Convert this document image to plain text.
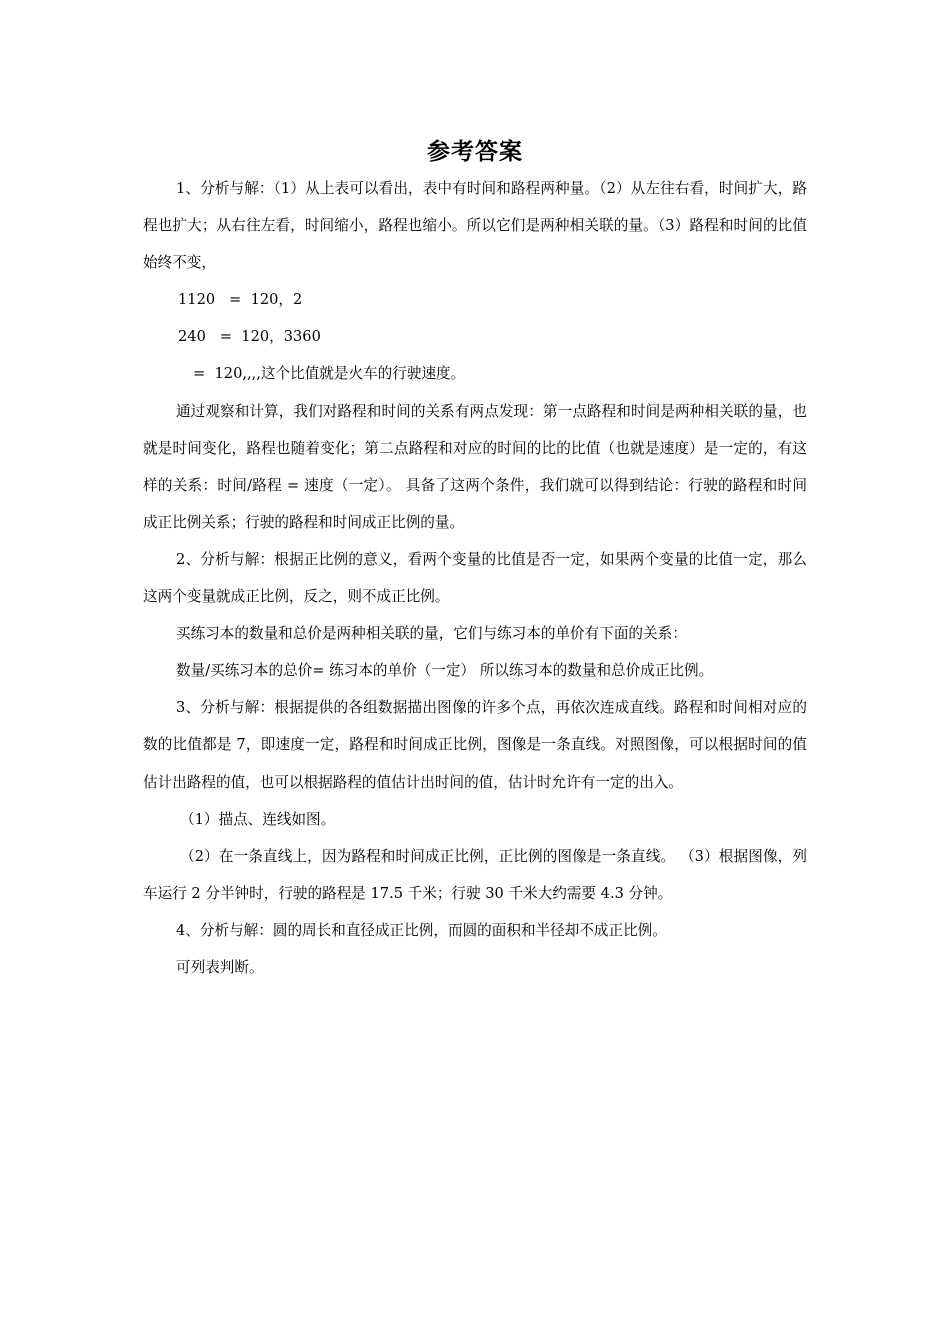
参考答案

1、分析与解：（1）从上表可以看出，表中有时间和路程两种量。（2）从左往右看，时间扩大，路程也扩大；从右往左看，时间缩小，路程也缩小。所以它们是两种相关联的量。（3）路程和时间的比值始终不变，

1120   =  120，2

240   =  120，3360

=  120,,,,这个比值就是火车的行驶速度。

通过观察和计算，我们对路程和时间的关系有两点发现：第一点路程和时间是两种相关联的量，也就是时间变化，路程也随着变化；第二点路程和对应的时间的比的比值（也就是速度）是一定的，有这样的关系：时间/路程 = 速度（一定）。 具备了这两个条件，我们就可以得到结论：行驶的路程和时间成正比例关系；行驶的路程和时间成正比例的量。

2、分析与解：根据正比例的意义，看两个变量的比值是否一定，如果两个变量的比值一定，那么这两个变量就成正比例，反之，则不成正比例。

买练习本的数量和总价是两种相关联的量，它们与练习本的单价有下面的关系：

数量/买练习本的总价= 练习本的单价（一定） 所以练习本的数量和总价成正比例。

3、分析与解：根据提供的各组数据描出图像的许多个点，再依次连成直线。路程和时间相对应的数的比值都是 7，即速度一定，路程和时间成正比例，图像是一条直线。对照图像，可以根据时间的值估计出路程的值，也可以根据路程的值估计出时间的值，估计时允许有一定的出入。

（1）描点、连线如图。

（2）在一条直线上，因为路程和时间成正比例，正比例的图像是一条直线。 （3）根据图像，列车运行 2 分半钟时，行驶的路程是 17.5 千米；行驶 30 千米大约需要 4.3 分钟。

4、分析与解：圆的周长和直径成正比例，而圆的面积和半径却不成正比例。

可列表判断。
